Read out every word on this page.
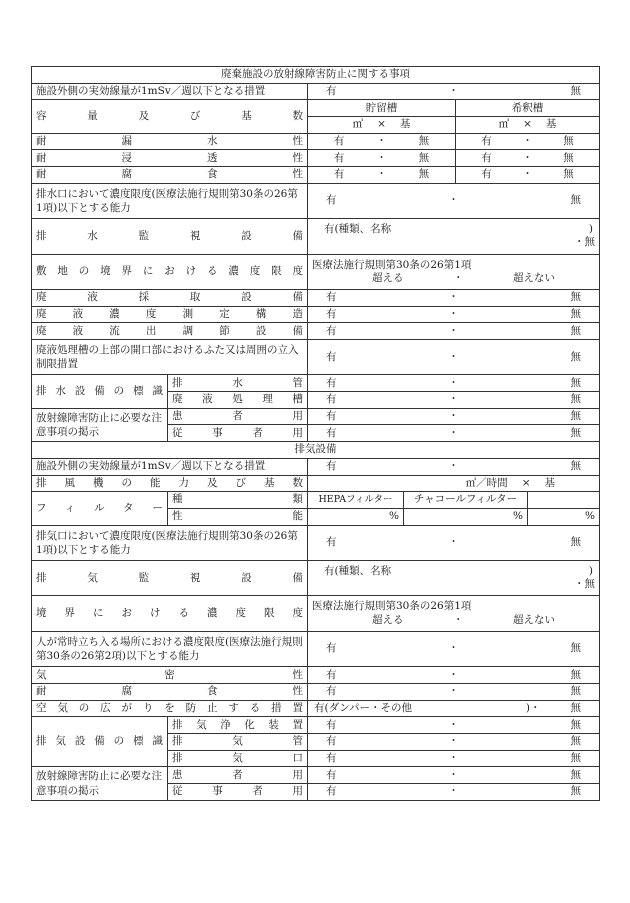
廃棄施設の放射線障害防止に関する事項					
施設外側の実効線量が1mSv／週以下となる措置		有 ・ 無			

容量及び基数		貯留槽		希釈槽	

		㎥ × 基		㎥ × 基	

耐漏水性		有 ・ 無		有 ・ 無	

耐浸透性		有 ・ 無		有 ・ 無	

耐腐食性		有 ・ 無		有 ・ 無	

排水口において濃度限度(医療法施行規則第30条の26第1項)以下とする能力		有 ・ 無			

排水監視設備		有(種類、名称 )
・無			

敷地の境界における濃度限度		医療法施行規則第30条の26第1項
超える ・ 超えない			

廃液採取設備		有 ・ 無			

廃液濃度測定構造		有 ・ 無			

廃液流出調節設備		有 ・ 無			

廃液処理槽の上部の開口部におけるふた又は周囲の立入制限措置		有 ・ 無			

排水設備の標識	排水管	有 ・ 無			

	廃液処理槽	有 ・ 無			

放射線障害防止に必要な注意事項の掲示	患者用	有 ・ 無			

	従事者用	有 ・ 無			

排気設備					
施設外側の実効線量が1mSv／週以下となる措置		有 ・ 無			

排風機の能力及び基数		㎥／時間 × 基			

フィルター	種類	HEPAフィルター	チャコールフィルター		
	性能	%	%		%
排気口において濃度限度(医療法施行規則第30条の26第1項)以下とする能力		有 ・ 無			

排気監視設備		有(種類、名称 )
・無			

境界における濃度限度		医療法施行規則第30条の26第1項
超える ・ 超えない			

人が常時立ち入る場所における濃度限度(医療法施行規則第30条の26第2項)以下とする能力		有 ・ 無			

気密性		有 ・ 無			

耐腐食性		有 ・ 無			

空気の広がりを防止する措置		有(ダンパー・その他 )・ 無			

排気設備の標識	排気浄化装置	有 ・ 無			

	排気管	有 ・ 無			

	排気口	有 ・ 無			

放射線障害防止に必要な注意事項の掲示	患者用	有 ・ 無			

	従事者用	有 ・ 無			
